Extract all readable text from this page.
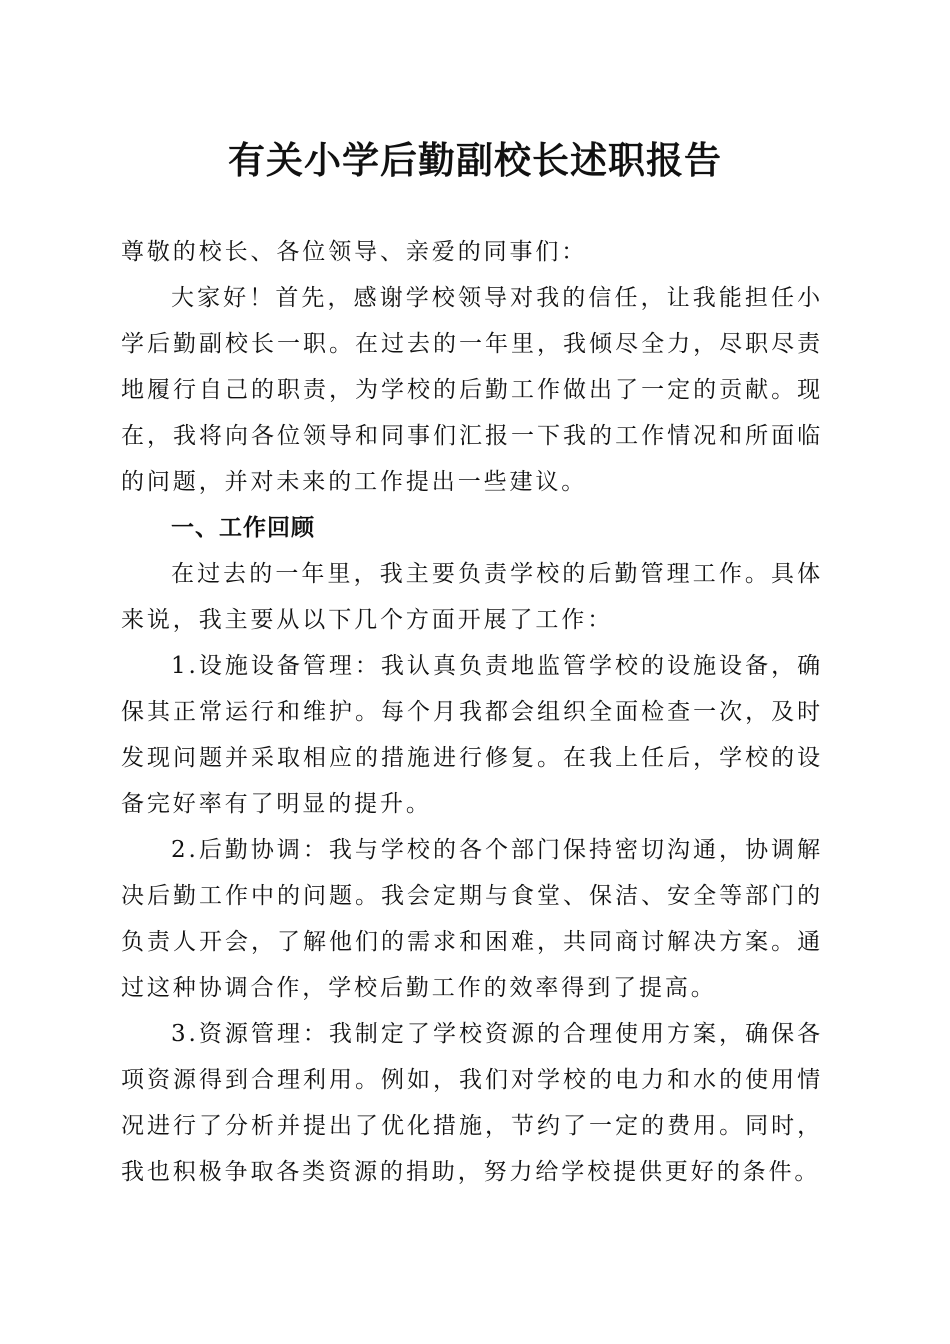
有关小学后勤副校长述职报告

尊敬的校长、各位领导、亲爱的同事们：

大家好！首先，感谢学校领导对我的信任，让我能担任小学后勤副校长一职。在过去的一年里，我倾尽全力，尽职尽责地履行自己的职责，为学校的后勤工作做出了一定的贡献。现在，我将向各位领导和同事们汇报一下我的工作情况和所面临的问题，并对未来的工作提出一些建议。

一、工作回顾

在过去的一年里，我主要负责学校的后勤管理工作。具体来说，我主要从以下几个方面开展了工作：

1.设施设备管理：我认真负责地监管学校的设施设备，确保其正常运行和维护。每个月我都会组织全面检查一次，及时发现问题并采取相应的措施进行修复。在我上任后，学校的设备完好率有了明显的提升。

2.后勤协调：我与学校的各个部门保持密切沟通，协调解决后勤工作中的问题。我会定期与食堂、保洁、安全等部门的负责人开会，了解他们的需求和困难，共同商讨解决方案。通过这种协调合作，学校后勤工作的效率得到了提高。

3.资源管理：我制定了学校资源的合理使用方案，确保各项资源得到合理利用。例如，我们对学校的电力和水的使用情况进行了分析并提出了优化措施，节约了一定的费用。同时，我也积极争取各类资源的捐助，努力给学校提供更好的条件。
